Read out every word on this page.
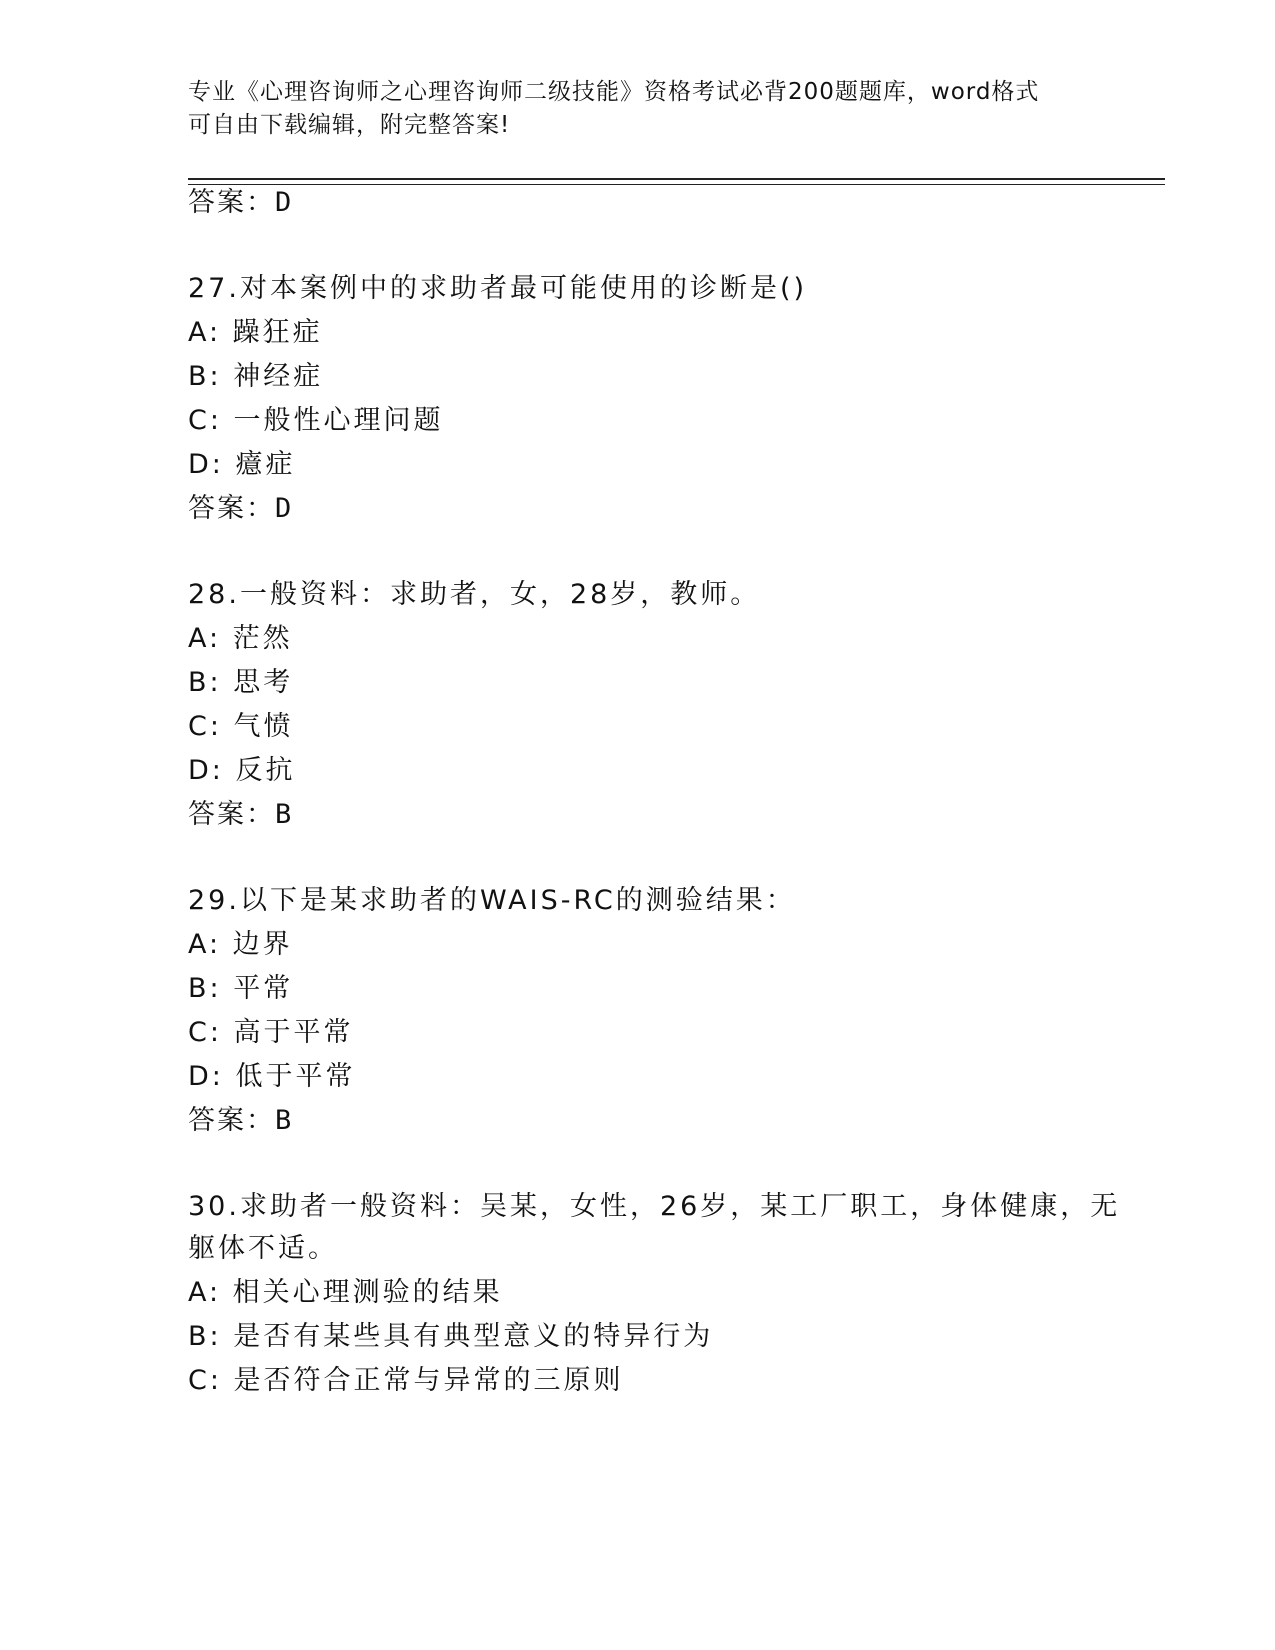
专业《心理咨询师之心理咨询师二级技能》资格考试必背200题题库，word格式
可自由下载编辑，附完整答案!
答案：D
27.对本案例中的求助者最可能使用的诊断是()
A: 躁狂症
B: 神经症
C: 一般性心理问题
D: 癔症
答案：D
28.一般资料：求助者，女，28岁，教师。
A: 茫然
B: 思考
C: 气愤
D: 反抗
答案：B
29.以下是某求助者的WAIS-RC的测验结果：
A: 边界
B: 平常
C: 高于平常
D: 低于平常
答案：B
30.求助者一般资料：吴某，女性，26岁，某工厂职工，身体健康，无
躯体不适。
A: 相关心理测验的结果
B: 是否有某些具有典型意义的特异行为
C: 是否符合正常与异常的三原则
